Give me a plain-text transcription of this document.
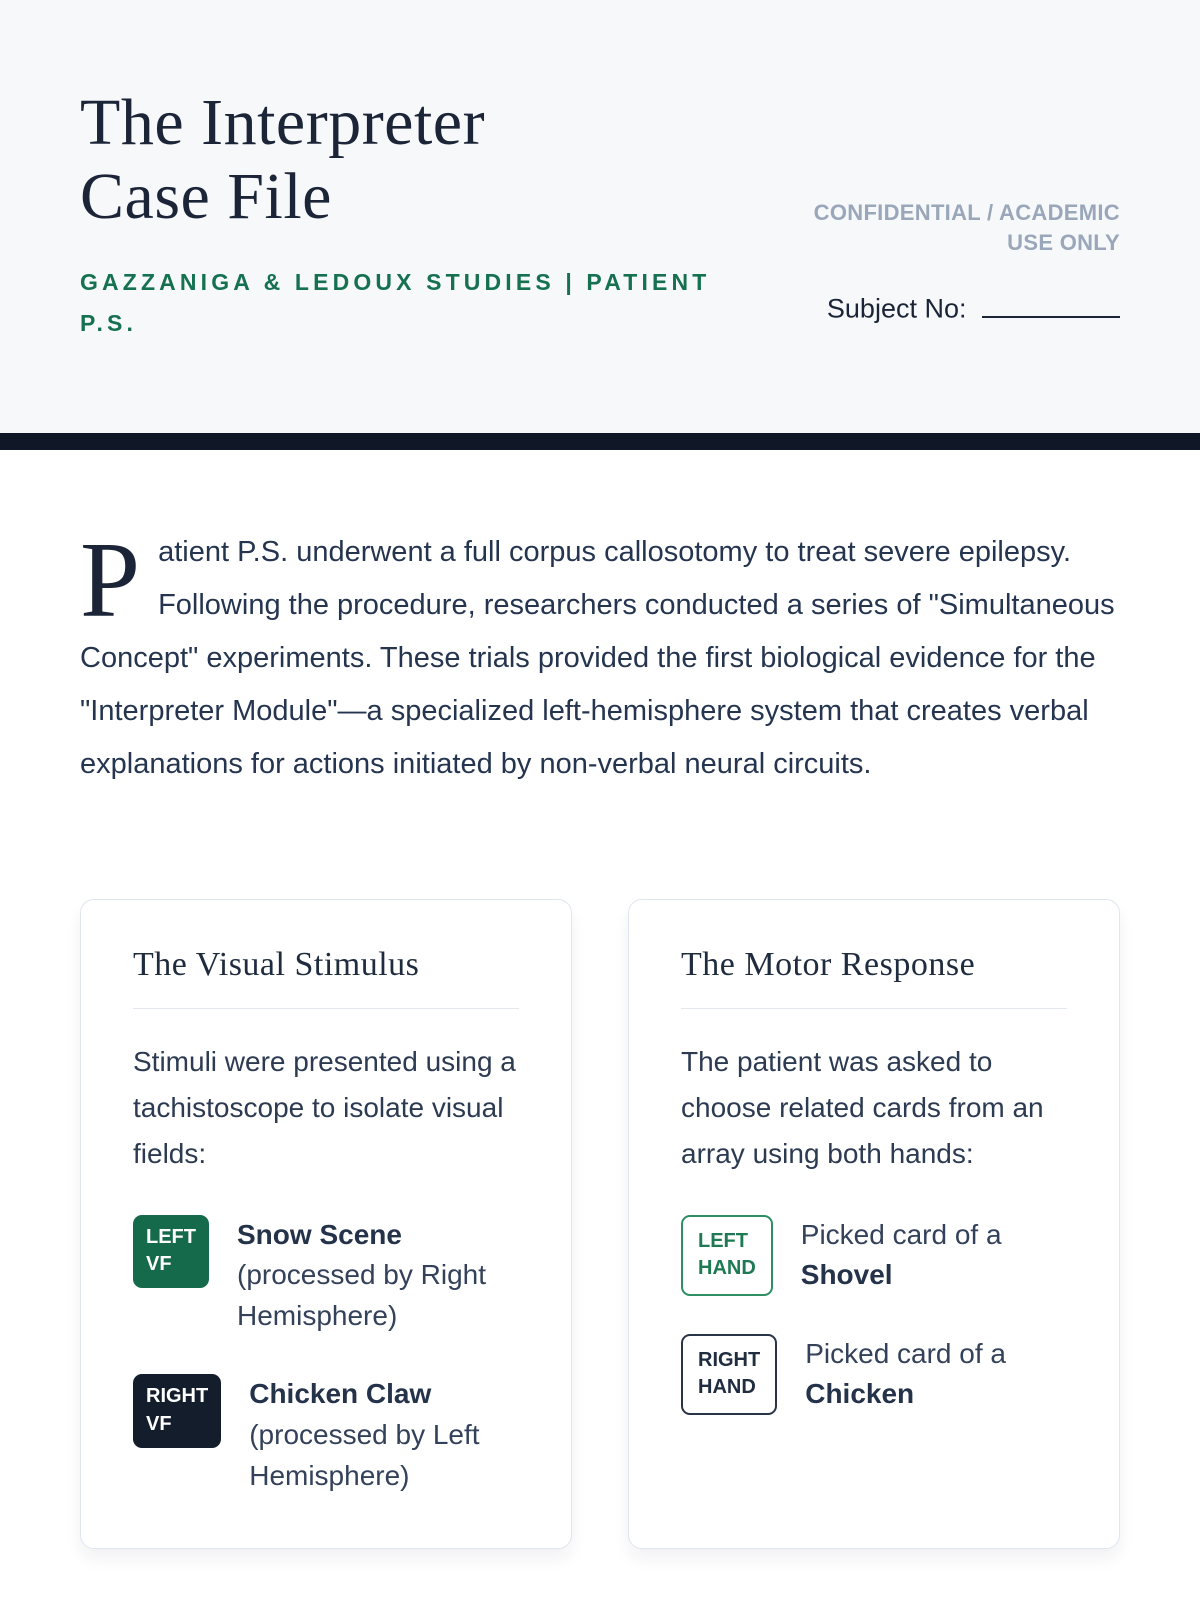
The Interpreter
Case File
GAZZANIGA & LEDOUX STUDIES | PATIENT P.S.
CONFIDENTIAL / ACADEMIC USE ONLY
Subject No:

P atient P.S. underwent a full corpus callosotomy to treat severe epilepsy. Following the procedure, researchers conducted a series of "Simultaneous Concept" experiments. These trials provided the first biological evidence for the "Interpreter Module"—a specialized left-hemisphere system that creates verbal explanations for actions initiated by non-verbal neural circuits.

The Visual Stimulus

Stimuli were presented using a tachistoscope to isolate visual fields:

LEFT VF
Snow Scene
(processed by Right Hemisphere)
RIGHT VF
Chicken Claw
(processed by Left Hemisphere)
The Motor Response

The patient was asked to choose related cards from an array using both hands:

LEFT HAND
Picked card of a
Shovel
RIGHT HAND
Picked card of a
Chicken
